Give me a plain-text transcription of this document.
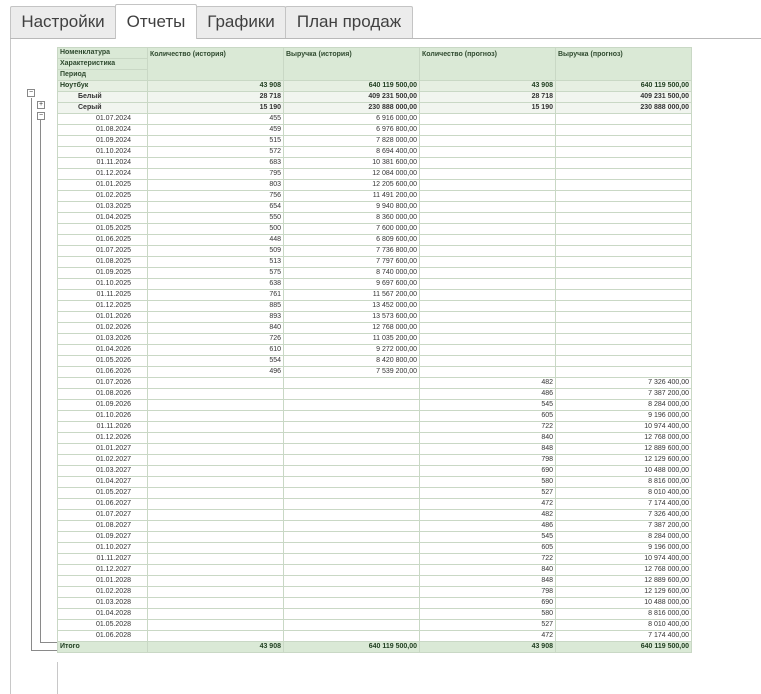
Настройки	Отчеты	Графики	План продаж
−
+
−
Номенклатура	Количество (история)	Выручка (история)	Количество (прогноз)	Выручка (прогноз)
Характеристика				
Период				
Ноутбук	43 908	640 119 500,00	43 908	640 119 500,00
Белый	28 718	409 231 500,00	28 718	409 231 500,00
Серый	15 190	230 888 000,00	15 190	230 888 000,00
01.07.2024	455	6 916 000,00		
01.08.2024	459	6 976 800,00		
01.09.2024	515	7 828 000,00		
01.10.2024	572	8 694 400,00		
01.11.2024	683	10 381 600,00		
01.12.2024	795	12 084 000,00		
01.01.2025	803	12 205 600,00		
01.02.2025	756	11 491 200,00		
01.03.2025	654	9 940 800,00		
01.04.2025	550	8 360 000,00		
01.05.2025	500	7 600 000,00		
01.06.2025	448	6 809 600,00		
01.07.2025	509	7 736 800,00		
01.08.2025	513	7 797 600,00		
01.09.2025	575	8 740 000,00		
01.10.2025	638	9 697 600,00		
01.11.2025	761	11 567 200,00		
01.12.2025	885	13 452 000,00		
01.01.2026	893	13 573 600,00		
01.02.2026	840	12 768 000,00		
01.03.2026	726	11 035 200,00		
01.04.2026	610	9 272 000,00		
01.05.2026	554	8 420 800,00		
01.06.2026	496	7 539 200,00		
01.07.2026			482	7 326 400,00
01.08.2026			486	7 387 200,00
01.09.2026			545	8 284 000,00
01.10.2026			605	9 196 000,00
01.11.2026			722	10 974 400,00
01.12.2026			840	12 768 000,00
01.01.2027			848	12 889 600,00
01.02.2027			798	12 129 600,00
01.03.2027			690	10 488 000,00
01.04.2027			580	8 816 000,00
01.05.2027			527	8 010 400,00
01.06.2027			472	7 174 400,00
01.07.2027			482	7 326 400,00
01.08.2027			486	7 387 200,00
01.09.2027			545	8 284 000,00
01.10.2027			605	9 196 000,00
01.11.2027			722	10 974 400,00
01.12.2027			840	12 768 000,00
01.01.2028			848	12 889 600,00
01.02.2028			798	12 129 600,00
01.03.2028			690	10 488 000,00
01.04.2028			580	8 816 000,00
01.05.2028			527	8 010 400,00
01.06.2028			472	7 174 400,00
Итого	43 908	640 119 500,00	43 908	640 119 500,00
